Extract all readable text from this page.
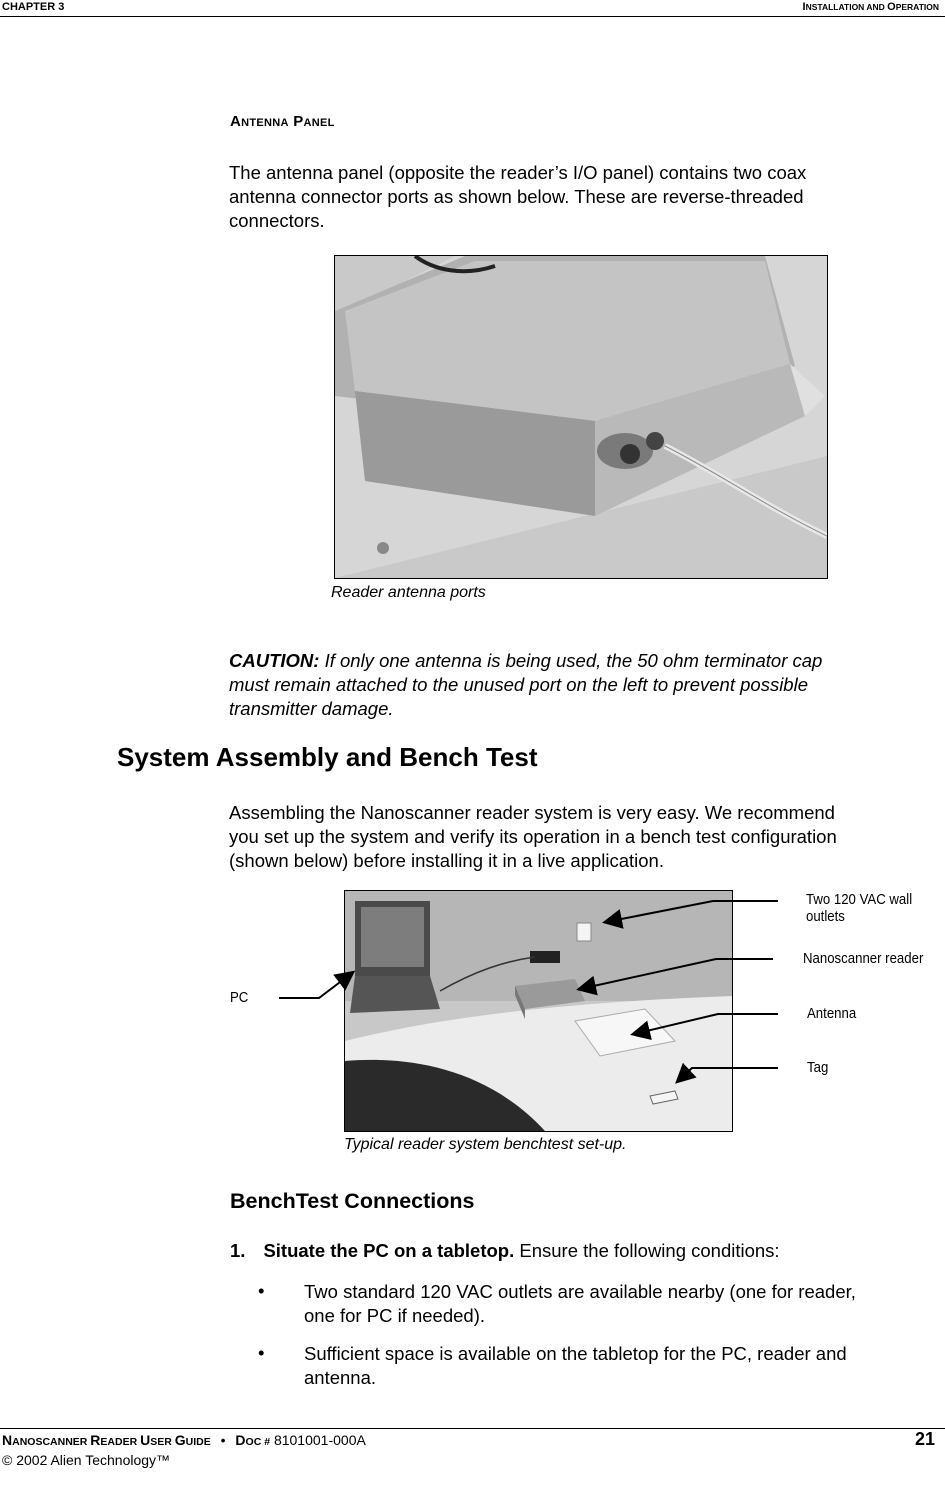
CHAPTER 3	INSTALLATION AND OPERATION
Antenna Panel
The antenna panel (opposite the reader’s I/O panel) contains two coax
antenna connector ports as shown below. These are reverse-threaded
connectors.
Reader antenna ports
CAUTION: If only one antenna is being used, the 50 ohm terminator cap
must remain attached to the unused port on the left to prevent possible
transmitter damage.
System Assembly and Bench Test
Assembling the Nanoscanner reader system is very easy. We recommend
you set up the system and verify its operation in a bench test configuration
(shown below) before installing it in a live application.
Two 120 VAC wall
outlets
Nanoscanner reader
Antenna
Tag
PC
Typical reader system benchtest set-up.
BenchTest Connections
1. Situate the PC on a tabletop. Ensure the following conditions:
• Two standard 120 VAC outlets are available nearby (one for reader,
one for PC if needed).
• Sufficient space is available on the tabletop for the PC, reader and
antenna.
NANOSCANNER READER USER GUIDE • DOC # 8101001-000A
© 2002 Alien Technology™
21
